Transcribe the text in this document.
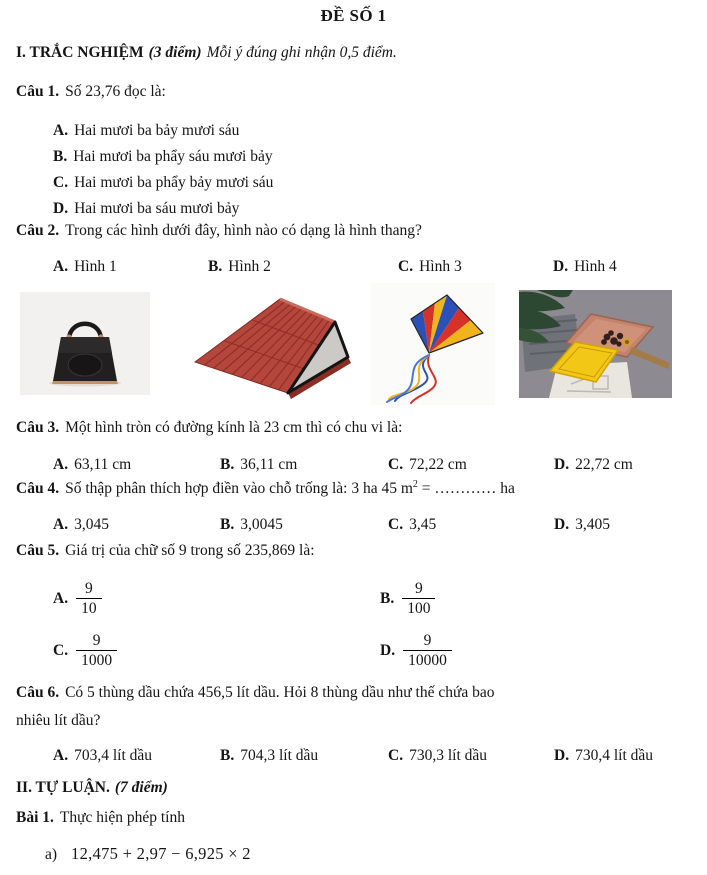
ĐỀ SỐ 1
I. TRẮC NGHIỆM (3 điểm) Mỗi ý đúng ghi nhận 0,5 điểm.
Câu 1. Số 23,76 đọc là:
A. Hai mươi ba bảy mươi sáu
B. Hai mươi ba phẩy sáu mươi bảy
C. Hai mươi ba phẩy bảy mươi sáu
D. Hai mươi ba sáu mươi bảy
Câu 2. Trong các hình dưới đây, hình nào có dạng là hình thang?
A. Hình 1	B. Hình 2	C. Hình 3	D. Hình 4
Câu 3. Một hình tròn có đường kính là 23 cm thì có chu vi là:
A. 63,11 cm	B. 36,11 cm	C. 72,22 cm	D. 22,72 cm
Câu 4. Số thập phân thích hợp điền vào chỗ trống là: 3 ha 45 $m^2$ = ………… ha
A. 3,045	B. 3,0045	C. 3,45	D. 3,405
Câu 5. Giá trị của chữ số 9 trong số 235,869 là:
A. $\frac{9}{10}$	B. $\frac{9}{100}$
C. $\frac{9}{1000}$	D. $\frac{9}{10000}$
Câu 6. Có 5 thùng dầu chứa 456,5 lít dầu. Hỏi 8 thùng dầu như thế chứa bao
nhiêu lít dầu?
A. 703,4 lít dầu	B. 704,3 lít dầu	C. 730,3 lít dầu	D. 730,4 lít dầu
II. TỰ LUẬN. (7 điểm)
Bài 1. Thực hiện phép tính
a) 12,475 + 2,97 − 6,925 × 2
